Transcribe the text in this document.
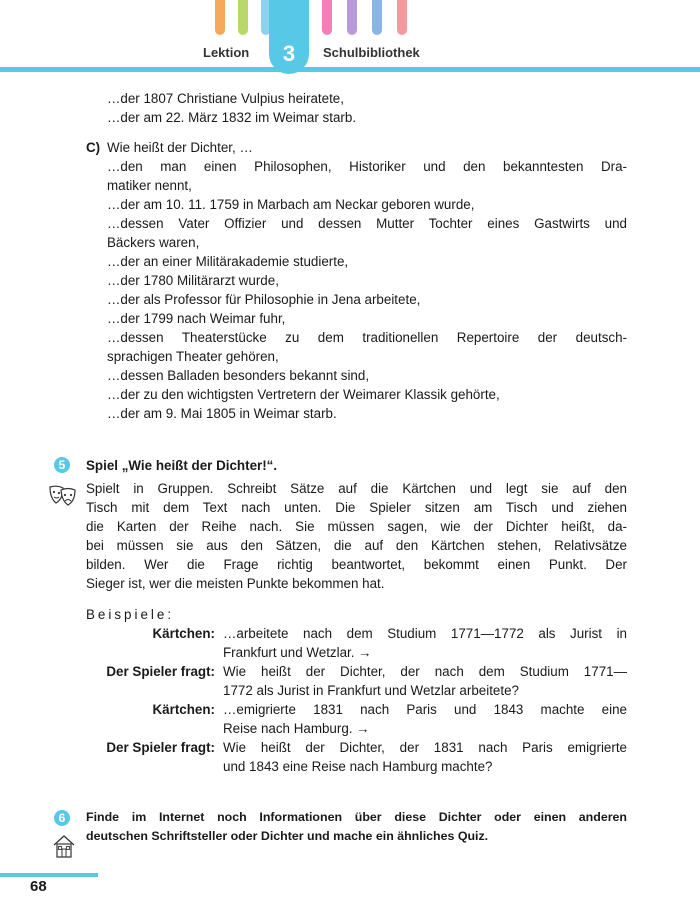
3
Lektion	Schulbibliothek
…der 1807 Christiane Vulpius heiratete,
…der am 22. März 1832 im Weimar starb.
C) Wie heißt der Dichter, …
…den man einen Philosophen, Historiker und den bekanntesten Dra-
matiker nennt,
…der am 10. 11. 1759 in Marbach am Neckar geboren wurde,
…dessen Vater Offizier und dessen Mutter Tochter eines Gastwirts und
Bäckers waren,
…der an einer Militärakademie studierte,
…der 1780 Militärarzt wurde,
…der als Professor für Philosophie in Jena arbeitete,
…der 1799 nach Weimar fuhr,
…dessen Theaterstücke zu dem traditionellen Repertoire der deutsch-
sprachigen Theater gehören,
…dessen Balladen besonders bekannt sind,
…der zu den wichtigsten Vertretern der Weimarer Klassik gehörte,
…der am 9. Mai 1805 in Weimar starb.
5	Spiel „Wie heißt der Dichter!“.
Spielt in Gruppen. Schreibt Sätze auf die Kärtchen und legt sie auf den
Tisch mit dem Text nach unten. Die Spieler sitzen am Tisch und ziehen
die Karten der Reihe nach. Sie müssen sagen, wie der Dichter heißt, da-
bei müssen sie aus den Sätzen, die auf den Kärtchen stehen, Relativsätze
bilden. Wer die Frage richtig beantwortet, bekommt einen Punkt. Der
Sieger ist, wer die meisten Punkte bekommen hat.
Beispiele:
Kärtchen: …arbeitete nach dem Studium 1771—1772 als Jurist in
Frankfurt und Wetzlar. →
Der Spieler fragt: Wie heißt der Dichter, der nach dem Studium 1771—
1772 als Jurist in Frankfurt und Wetzlar arbeitete?
Kärtchen: …emigrierte 1831 nach Paris und 1843 machte eine
Reise nach Hamburg. →
Der Spieler fragt: Wie heißt der Dichter, der 1831 nach Paris emigrierte
und 1843 eine Reise nach Hamburg machte?
6	Finde im Internet noch Informationen über diese Dichter oder einen anderen
deutschen Schriftsteller oder Dichter und mache ein ähnliches Quiz.
68
